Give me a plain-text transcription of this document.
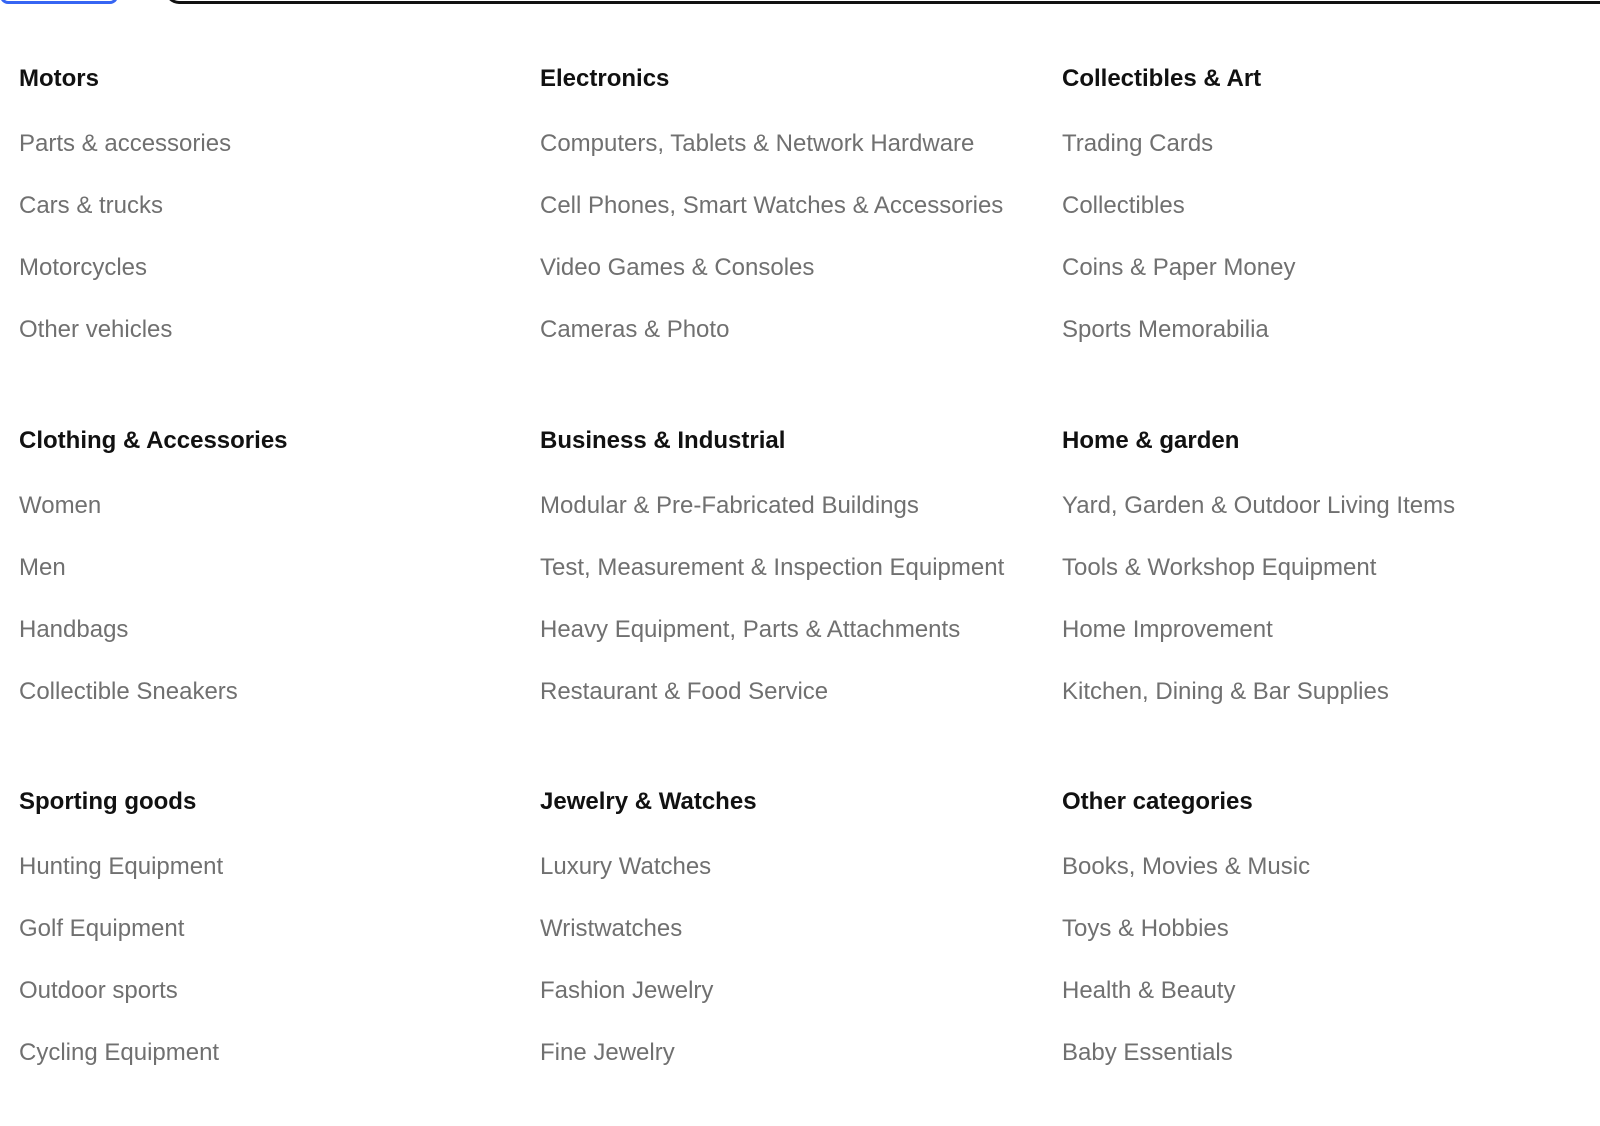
Motors
Parts & accessories
Cars & trucks
Motorcycles
Other vehicles
Electronics
Computers, Tablets & Network Hardware
Cell Phones, Smart Watches & Accessories
Video Games & Consoles
Cameras & Photo
Collectibles & Art
Trading Cards
Collectibles
Coins & Paper Money
Sports Memorabilia
Clothing & Accessories
Women
Men
Handbags
Collectible Sneakers
Business & Industrial
Modular & Pre-Fabricated Buildings
Test, Measurement & Inspection Equipment
Heavy Equipment, Parts & Attachments
Restaurant & Food Service
Home & garden
Yard, Garden & Outdoor Living Items
Tools & Workshop Equipment
Home Improvement
Kitchen, Dining & Bar Supplies
Sporting goods
Hunting Equipment
Golf Equipment
Outdoor sports
Cycling Equipment
Jewelry & Watches
Luxury Watches
Wristwatches
Fashion Jewelry
Fine Jewelry
Other categories
Books, Movies & Music
Toys & Hobbies
Health & Beauty
Baby Essentials
